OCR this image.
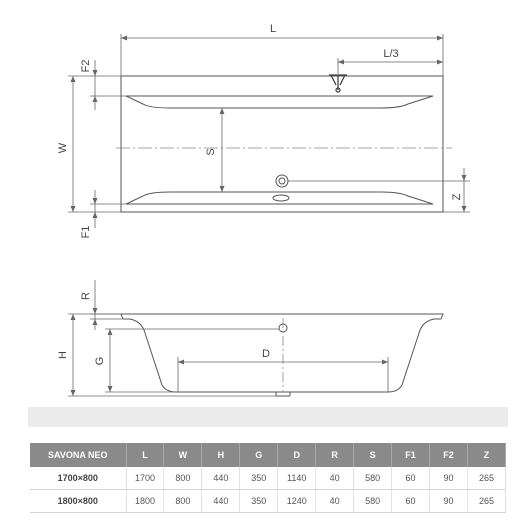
L
L/3
W
F2
F1
S
Z
R
H
G
D
SAVONA NEO	L	W	H	G	D	R	S	F1	F2	Z
1700×800	1700	800	440	350	1140	40	580	60	90	265
1800×800	1800	800	440	350	1240	40	580	60	90	265
